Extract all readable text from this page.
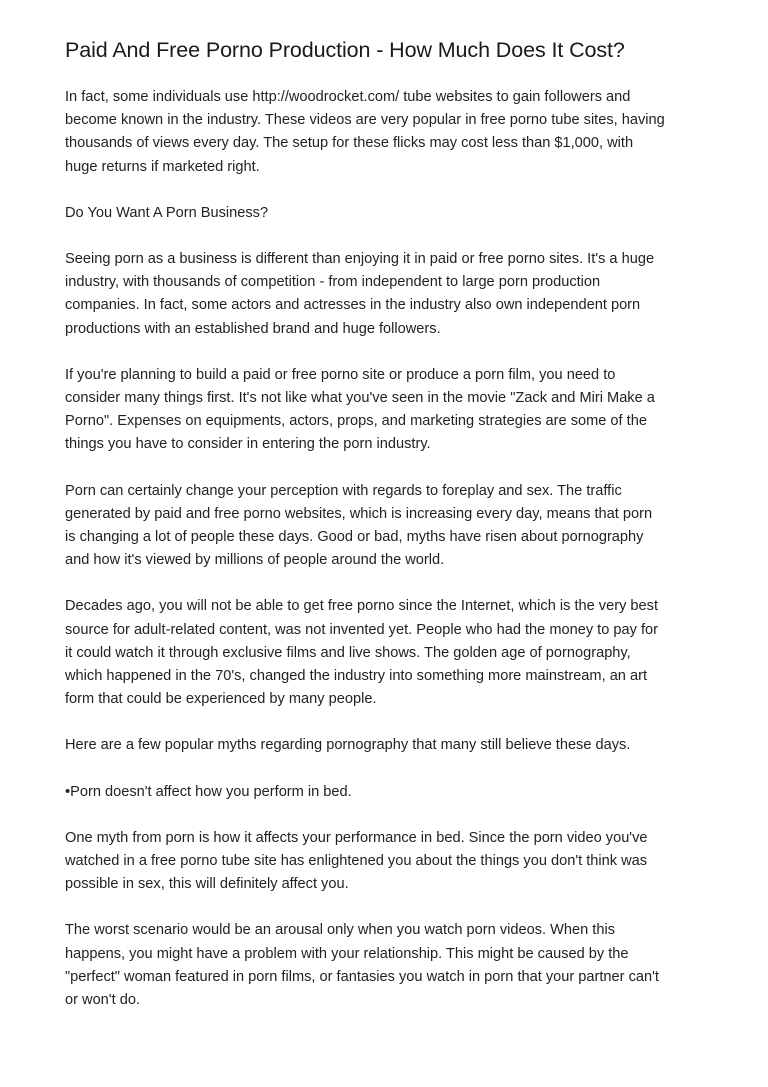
Paid And Free Porno Production - How Much Does It Cost?

In fact, some individuals use http://woodrocket.com/ tube websites to gain followers and
become known in the industry. These videos are very popular in free porno tube sites, having
thousands of views every day. The setup for these flicks may cost less than $1,000, with
huge returns if marketed right.

Do You Want A Porn Business?

Seeing porn as a business is different than enjoying it in paid or free porno sites. It's a huge
industry, with thousands of competition - from independent to large porn production
companies. In fact, some actors and actresses in the industry also own independent porn
productions with an established brand and huge followers.

If you're planning to build a paid or free porno site or produce a porn film, you need to
consider many things first. It's not like what you've seen in the movie "Zack and Miri Make a
Porno". Expenses on equipments, actors, props, and marketing strategies are some of the
things you have to consider in entering the porn industry.

Porn can certainly change your perception with regards to foreplay and sex. The traffic
generated by paid and free porno websites, which is increasing every day, means that porn
is changing a lot of people these days. Good or bad, myths have risen about pornography
and how it's viewed by millions of people around the world.

Decades ago, you will not be able to get free porno since the Internet, which is the very best
source for adult-related content, was not invented yet. People who had the money to pay for
it could watch it through exclusive films and live shows. The golden age of pornography,
which happened in the 70's, changed the industry into something more mainstream, an art
form that could be experienced by many people.

Here are a few popular myths regarding pornography that many still believe these days.

•Porn doesn't affect how you perform in bed.

One myth from porn is how it affects your performance in bed. Since the porn video you've
watched in a free porno tube site has enlightened you about the things you don't think was
possible in sex, this will definitely affect you.

The worst scenario would be an arousal only when you watch porn videos. When this
happens, you might have a problem with your relationship. This might be caused by the
"perfect" woman featured in porn films, or fantasies you watch in porn that your partner can't
or won't do.
